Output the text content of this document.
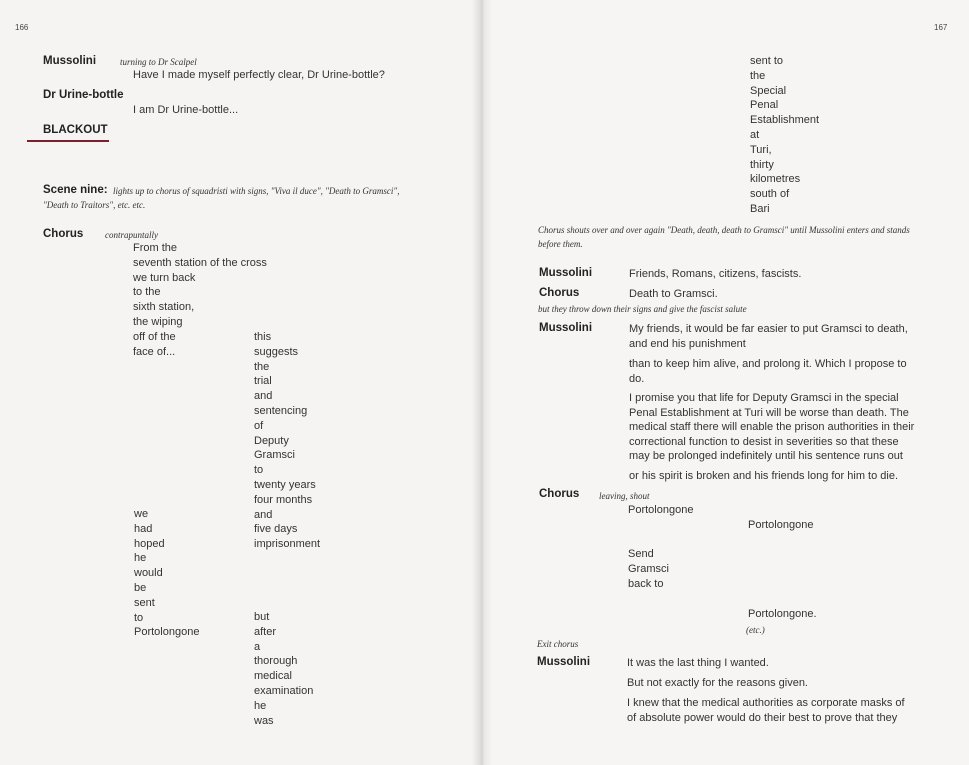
166
Mussolini	turning to Dr Scalpel
Have I made myself perfectly clear, Dr Urine-bottle?
Dr Urine-bottle
I am Dr Urine-bottle...
BLACKOUT
Scene nine: lights up to chorus of squadristi with signs, "Viva il duce", "Death to Gramsci",
"Death to Traitors", etc. etc.
Chorus contrapuntally
From the
seventh station of the cross
we turn back
to the
sixth station,
the wiping
off of the
face of...
this
suggests
the
trial
and
sentencing
of
Deputy
Gramsci
to
twenty years
four months
and
five days
imprisonment
we
had
hoped
he
would
be
sent
to
Portolongone
but
after
a
thorough
medical
examination
he
was
167
sent to
the
Special
Penal
Establishment
at
Turi,
thirty
kilometres
south of
Bari
Chorus shouts over and over again "Death, death, death to Gramsci" until Mussolini enters and stands
before them.
Mussolini	Friends, Romans, citizens, fascists.
Chorus	Death to Gramsci.
but they throw down their signs and give the fascist salute
Mussolini	My friends, it would be far easier to put Gramsci to death,
and end his punishment
than to keep him alive, and prolong it. Which I propose to
do.
I promise you that life for Deputy Gramsci in the special
Penal Establishment at Turi will be worse than death. The
medical staff there will enable the prison authorities in their
correctional function to desist in severities so that these
may be prolonged indefinitely until his sentence runs out
or his spirit is broken and his friends long for him to die.
Chorus leaving, shout
Portolongone
Portolongone
Send
Gramsci
back to
Portolongone.
(etc.)
Exit chorus
Mussolini	It was the last thing I wanted.
But not exactly for the reasons given.
I knew that the medical authorities as corporate masks of
of absolute power would do their best to prove that they
